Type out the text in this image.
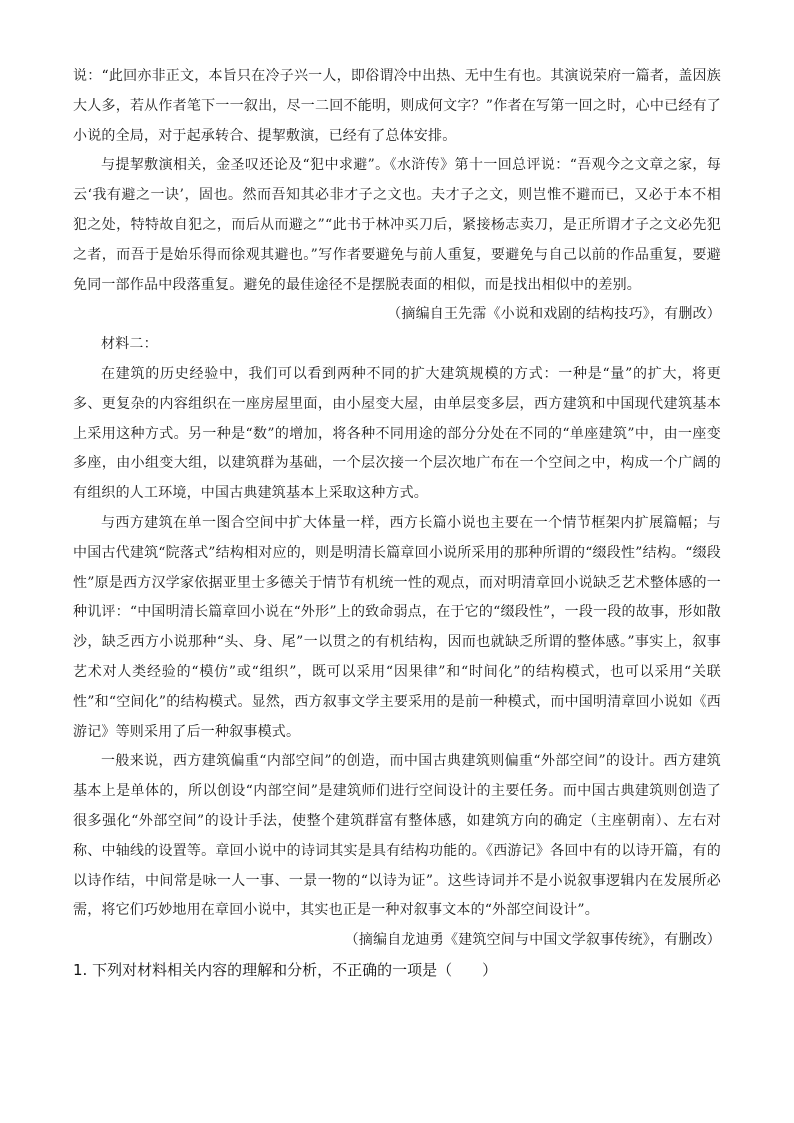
说：“此回亦非正文，本旨只在冷子兴一人，即俗谓冷中出热、无中生有也。其演说荣府一篇者，盖因族大人多，若从作者笔下一一叙出，尽一二回不能明，则成何文字？”作者在写第一回之时，心中已经有了小说的全局，对于起承转合、提挈敷演，已经有了总体安排。

与提挈敷演相关，金圣叹还论及“犯中求避”。《水浒传》第十一回总评说：“吾观今之文章之家，每云‘我有避之一诀’，固也。然而吾知其必非才子之文也。夫才子之文，则岂惟不避而已，又必于本不相犯之处，特特故自犯之，而后从而避之”“此书于林冲买刀后，紧接杨志卖刀，是正所谓才子之文必先犯之者，而吾于是始乐得而徐观其避也。”写作者要避免与前人重复，要避免与自己以前的作品重复，要避免同一部作品中段落重复。避免的最佳途径不是摆脱表面的相似，而是找出相似中的差别。

（摘编自王先霈《小说和戏剧的结构技巧》，有删改）

材料二：

在建筑的历史经验中，我们可以看到两种不同的扩大建筑规模的方式：一种是“量”的扩大，将更多、更复杂的内容组织在一座房屋里面，由小屋变大屋，由单层变多层，西方建筑和中国现代建筑基本上采用这种方式。另一种是“数”的增加，将各种不同用途的部分分处在不同的“单座建筑”中，由一座变多座，由小组变大组，以建筑群为基础，一个层次接一个层次地广布在一个空间之中，构成一个广阔的有组织的人工环境，中国古典建筑基本上采取这种方式。

与西方建筑在单一图合空间中扩大体量一样，西方长篇小说也主要在一个情节框架内扩展篇幅；与中国古代建筑“院落式”结构相对应的，则是明清长篇章回小说所采用的那种所谓的“缀段性”结构。“缀段性”原是西方汉学家依据亚里士多德关于情节有机统一性的观点，而对明清章回小说缺乏艺术整体感的一种讥评：“中国明清长篇章回小说在“外形”上的致命弱点，在于它的“缀段性”，一段一段的故事，形如散沙，缺乏西方小说那种“头、身、尾”一以贯之的有机结构，因而也就缺乏所谓的整体感。”事实上，叙事艺术对人类经验的“模仿”或“组织”，既可以采用“因果律”和“时间化”的结构模式，也可以采用“关联性”和“空间化”的结构模式。显然，西方叙事文学主要采用的是前一种模式，而中国明清章回小说如《西游记》等则采用了后一种叙事模式。

一般来说，西方建筑偏重“内部空间”的创造，而中国古典建筑则偏重“外部空间”的设计。西方建筑基本上是单体的，所以创设“内部空间”是建筑师们进行空间设计的主要任务。而中国古典建筑则创造了很多强化“外部空间”的设计手法，使整个建筑群富有整体感，如建筑方向的确定（主座朝南）、左右对称、中轴线的设置等。章回小说中的诗词其实是具有结构功能的。《西游记》各回中有的以诗开篇，有的以诗作结，中间常是咏一人一事、一景一物的“以诗为证”。这些诗词并不是小说叙事逻辑内在发展所必需，将它们巧妙地用在章回小说中，其实也正是一种对叙事文本的“外部空间设计”。

（摘编自龙迪勇《建筑空间与中国文学叙事传统》，有删改）

1. 下列对材料相关内容的理解和分析，不正确的一项是（　　）
